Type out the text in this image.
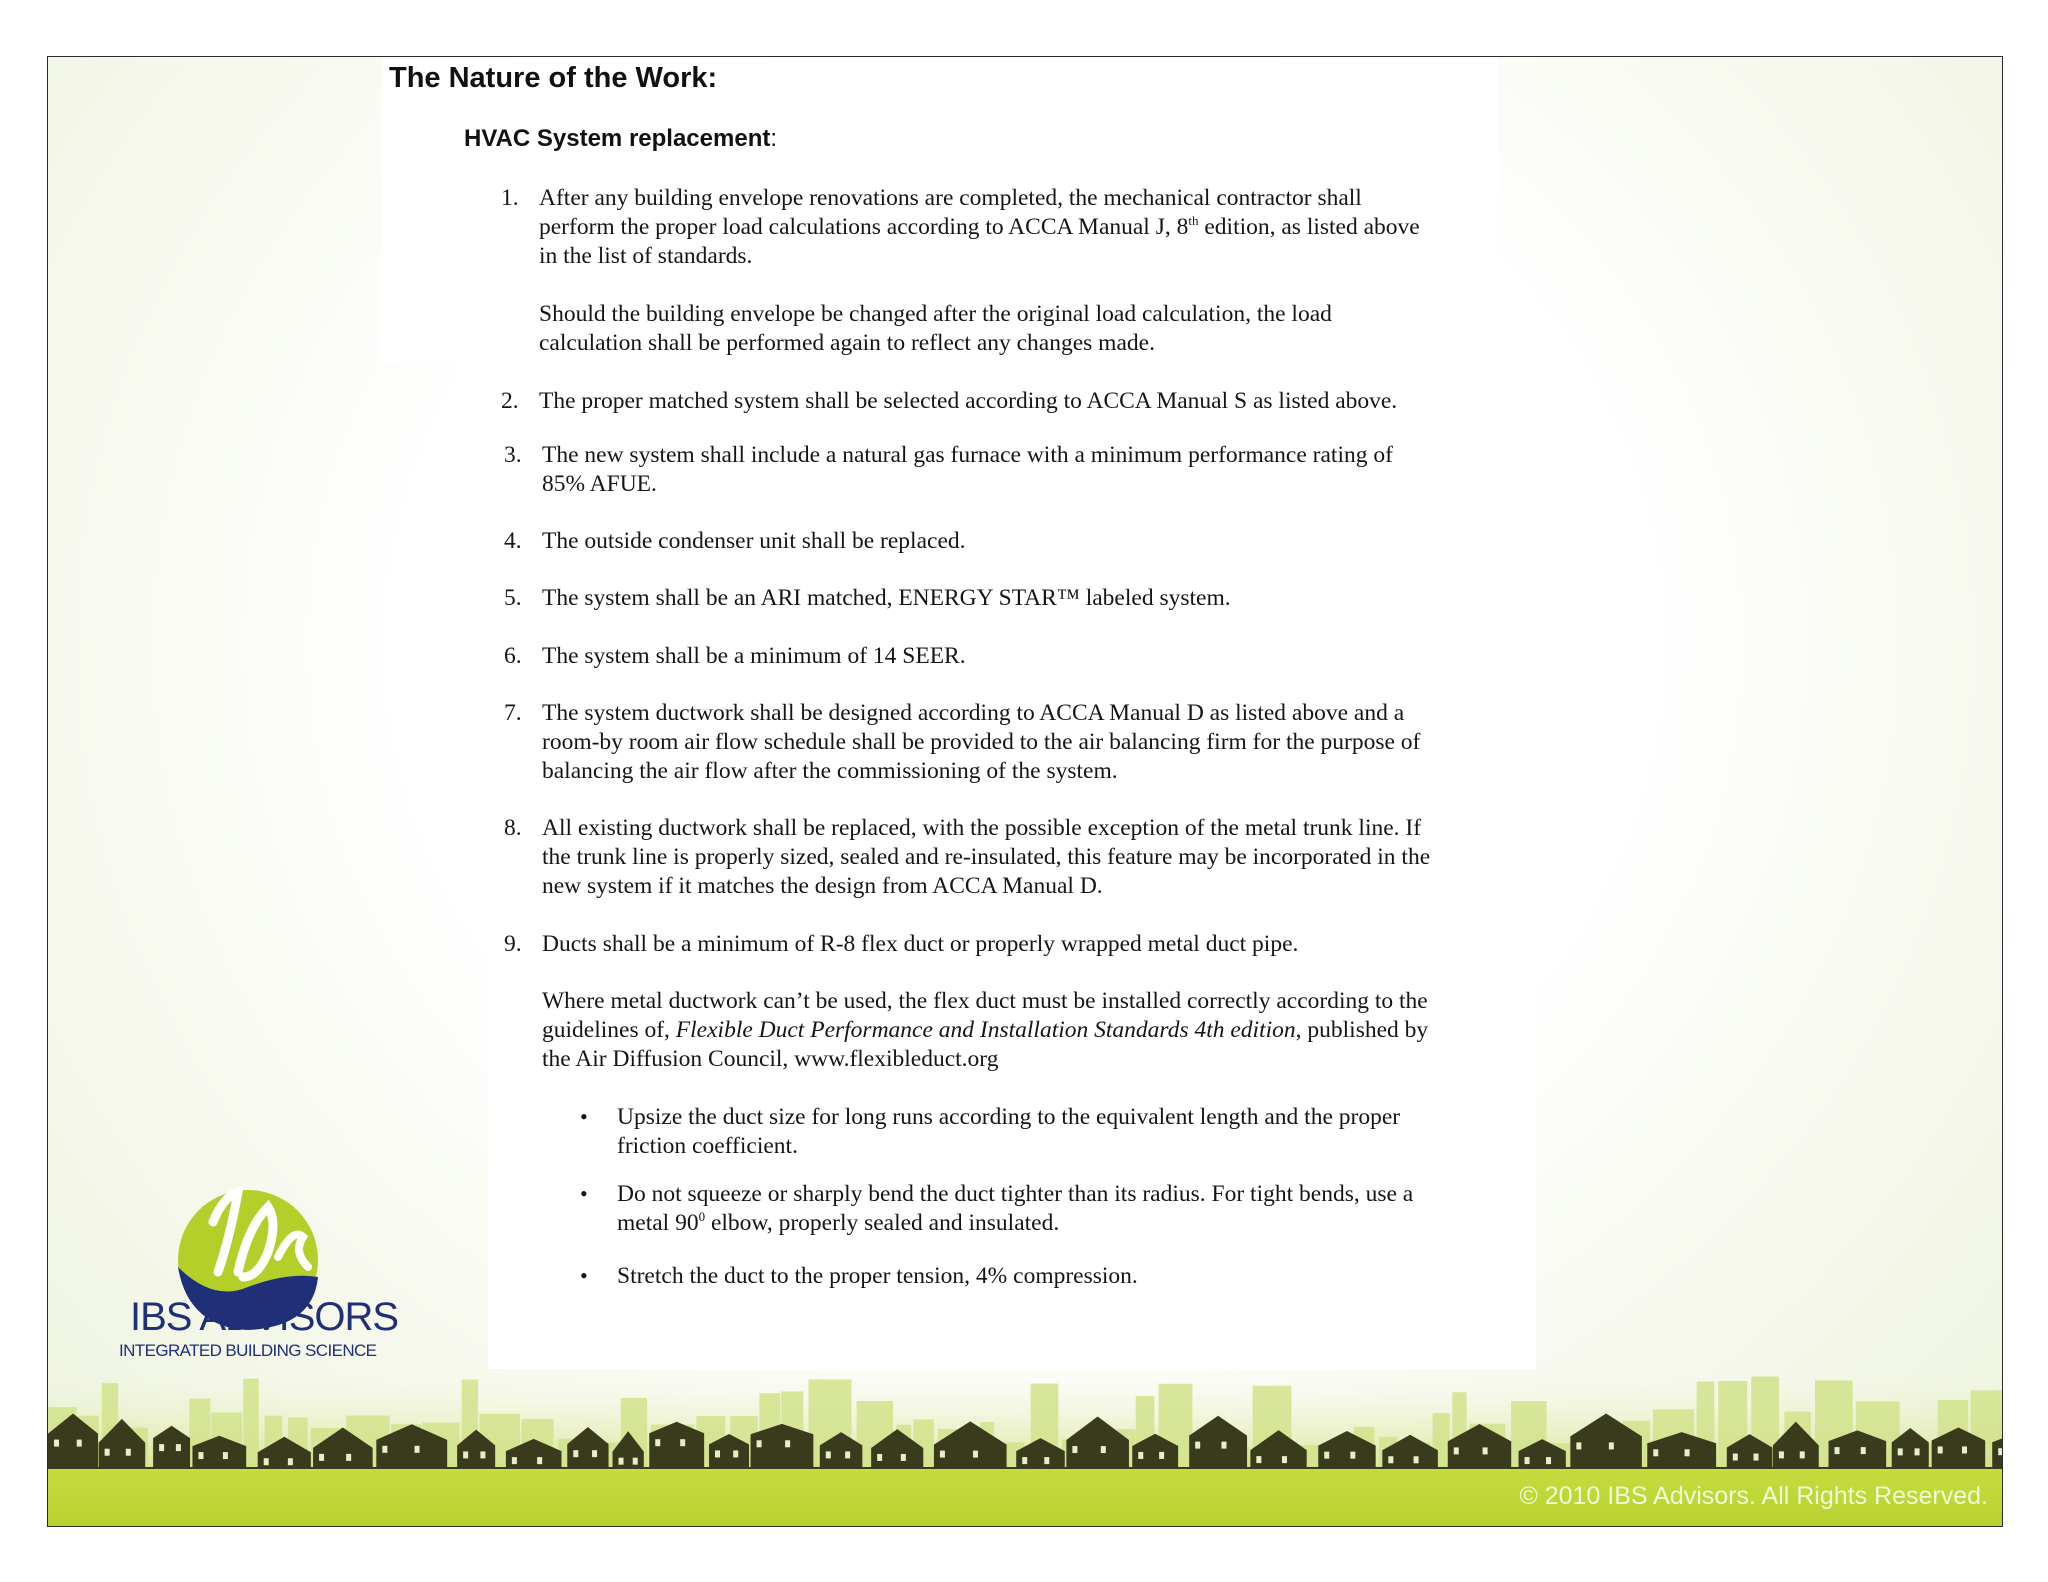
The Nature of the Work:
HVAC System replacement:
1. After any building envelope renovations are completed, the mechanical contractor shall
perform the proper load calculations according to ACCA Manual J, 8th edition, as listed above
in the list of standards.
Should the building envelope be changed after the original load calculation, the load
calculation shall be performed again to reflect any changes made.
2. The proper matched system shall be selected according to ACCA Manual S as listed above.
3. The new system shall include a natural gas furnace with a minimum performance rating of
85% AFUE.
4. The outside condenser unit shall be replaced.
5. The system shall be an ARI matched, ENERGY STAR™ labeled system.
6. The system shall be a minimum of 14 SEER.
7. The system ductwork shall be designed according to ACCA Manual D as listed above and a
room-by room air flow schedule shall be provided to the air balancing firm for the purpose of
balancing the air flow after the commissioning of the system.
8. All existing ductwork shall be replaced, with the possible exception of the metal trunk line. If
the trunk line is properly sized, sealed and re-insulated, this feature may be incorporated in the
new system if it matches the design from ACCA Manual D.
9. Ducts shall be a minimum of R-8 flex duct or properly wrapped metal duct pipe.
Where metal ductwork can’t be used, the flex duct must be installed correctly according to the
guidelines of, Flexible Duct Performance and Installation Standards 4th edition, published by
the Air Diffusion Council, www.flexibleduct.org
• Upsize the duct size for long runs according to the equivalent length and the proper
friction coefficient.
• Do not squeeze or sharply bend the duct tighter than its radius. For tight bends, use a
metal $90^0$ elbow, properly sealed and insulated.
• Stretch the duct to the proper tension, 4% compression.
IBS ADVISORS
INTEGRATED BUILDING SCIENCE
© 2010 IBS Advisors. All Rights Reserved.
